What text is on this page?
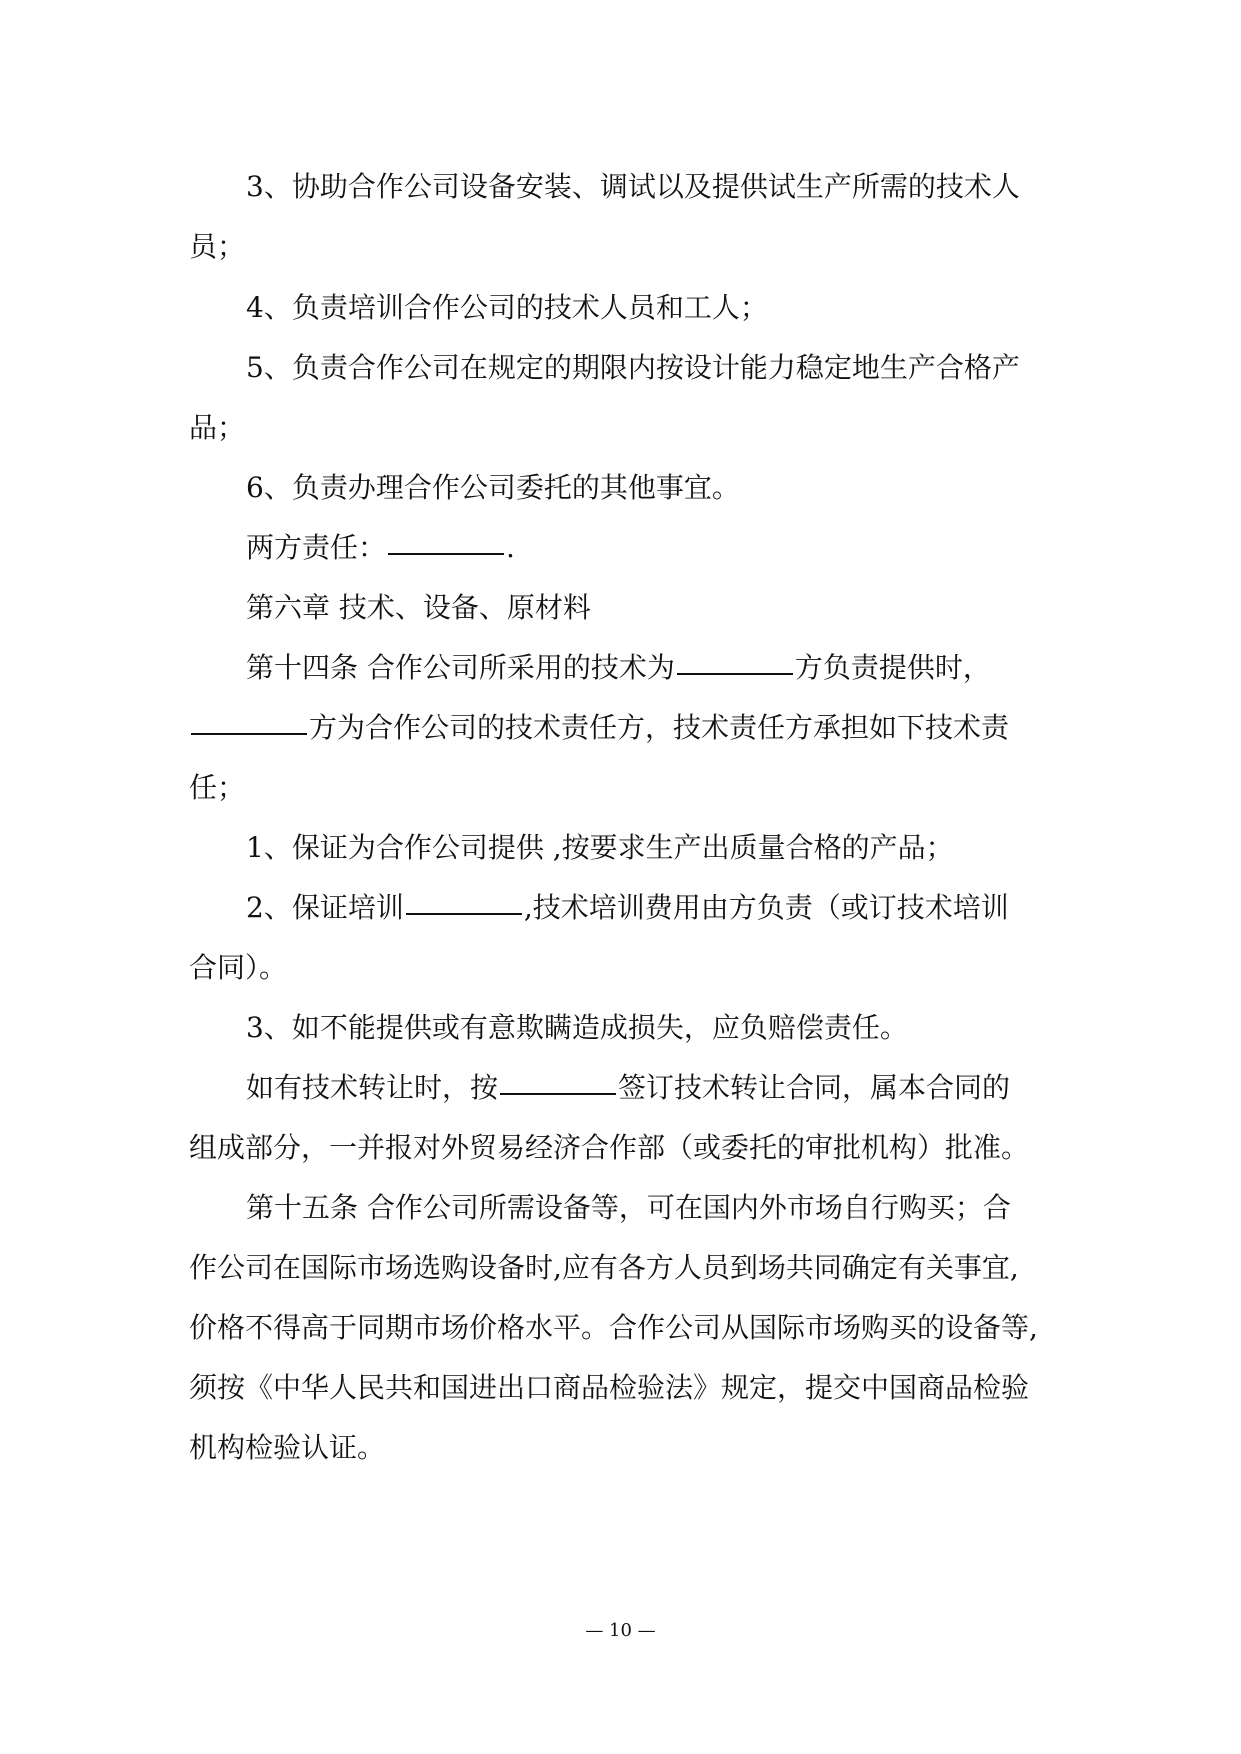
3、协助合作公司设备安装、调试以及提供试生产所需的技术人
员；
4、负责培训合作公司的技术人员和工人；
5、负责合作公司在规定的期限内按设计能力稳定地生产合格产
品；
6、负责办理合作公司委托的其他事宜。
两方责任：	.
第六章 技术、设备、原材料
第十四条 合作公司所采用的技术为	方负责提供时，
方为合作公司的技术责任方，技术责任方承担如下技术责
任；
1、保证为合作公司提供 ,按要求生产出质量合格的产品；
2、保证培训	,技术培训费用由方负责（或订技术培训
合同）。
3、如不能提供或有意欺瞒造成损失，应负赔偿责任。
如有技术转让时，按	签订技术转让合同，属本合同的
组成部分，一并报对外贸易经济合作部（或委托的审批机构）批准。
第十五条 合作公司所需设备等，可在国内外市场自行购买；合
作公司在国际市场选购设备时,应有各方人员到场共同确定有关事宜,
价格不得高于同期市场价格水平。合作公司从国际市场购买的设备等,
须按《中华人民共和国进出口商品检验法》规定，提交中国商品检验
机构检验认证。
— 10 —
